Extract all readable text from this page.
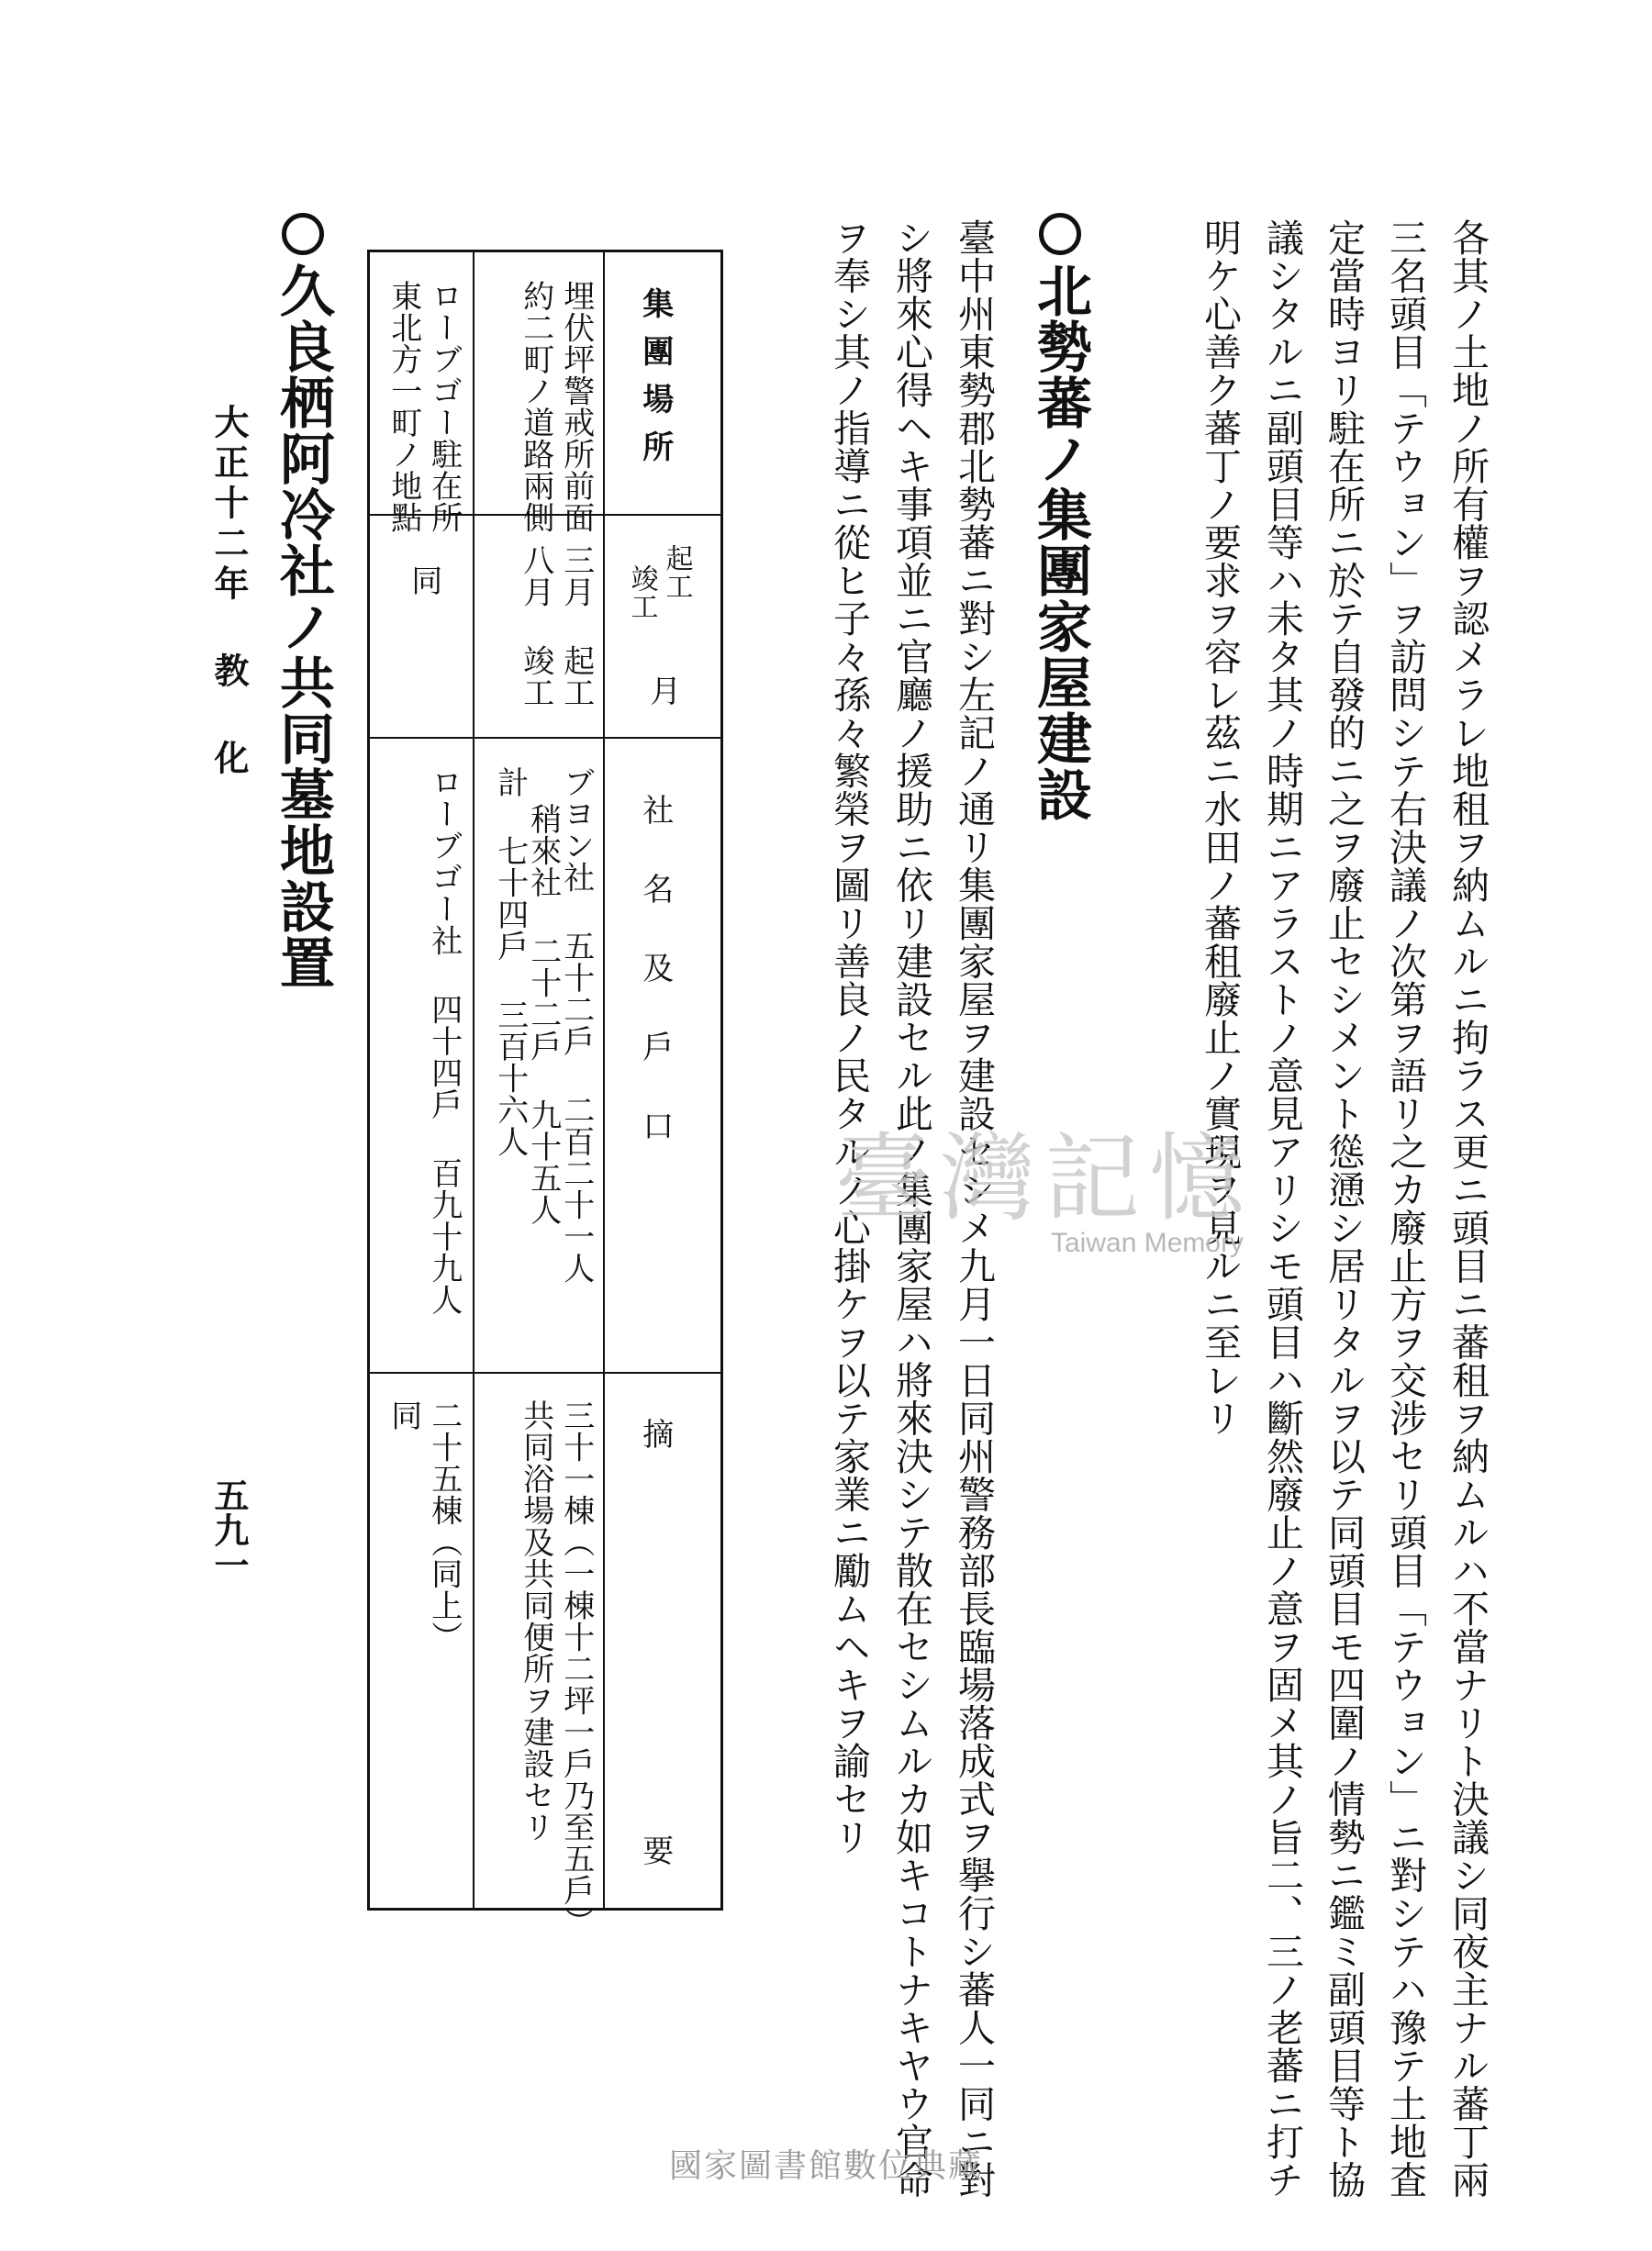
各其ノ土地ノ所有權ヲ認メラレ地租ヲ納ムルニ拘ラス更ニ頭目ニ蕃租ヲ納ムルハ不當ナリト決議シ同夜主ナル蕃丁兩
三名頭目「テウョン」ヲ訪問シテ右決議ノ次第ヲ語リ之カ廢止方ヲ交涉セリ頭目「テウョン」ニ對シテハ豫テ土地査
定當時ヨリ駐在所ニ於テ自發的ニ之ヲ廢止セシメント慫慂シ居リタルヲ以テ同頭目モ四圍ノ情勢ニ鑑ミ副頭目等ト協
議シタルニ副頭目等ハ未タ其ノ時期ニアラストノ意見アリシモ頭目ハ斷然廢止ノ意ヲ固メ其ノ旨二、三ノ老蕃ニ打チ
明ケ心善ク蕃丁ノ要求ヲ容レ茲ニ水田ノ蕃租廢止ノ實現ヲ見ルニ至レリ
北勢蕃ノ集團家屋建設
臺中州東勢郡北勢蕃ニ對シ左記ノ通リ集團家屋ヲ建設セシメ九月一日同州警務部長臨場落成式ヲ擧行シ蕃人一同ニ對
シ將來心得ヘキ事項並ニ官廳ノ援助ニ依リ建設セル此ノ集團家屋ハ將來決シテ散在セシムルカ如キコトナキヤウ官命
ヲ奉シ其ノ指導ニ從ヒ子々孫々繁榮ヲ圖リ善良ノ民タルノ心掛ケヲ以テ家業ニ勵ムヘキヲ諭セリ
集團場所
起工
竣工
月
社名及戶口
摘要
埋伏坪警戒所前面
約二町ノ道路兩側
三月 起工
八月 竣工
ブヨン社 五十二戶 二百二十一人
稍來社 二十二戶 九十五人
計 七十四戶 三百十六人
三十一棟（一棟十二坪一戶乃至五戶）
共同浴場及共同便所ヲ建設セリ
ローブゴー駐在所
東北方一町ノ地點
同
ローブゴー社 四十四戶 百九十九人
二十五棟（同上）
同
久良栖阿冷社ノ共同墓地設置
大正十二年 教 化
五九一
臺灣記憶
Taiwan Memory
國家圖書館數位典藏
